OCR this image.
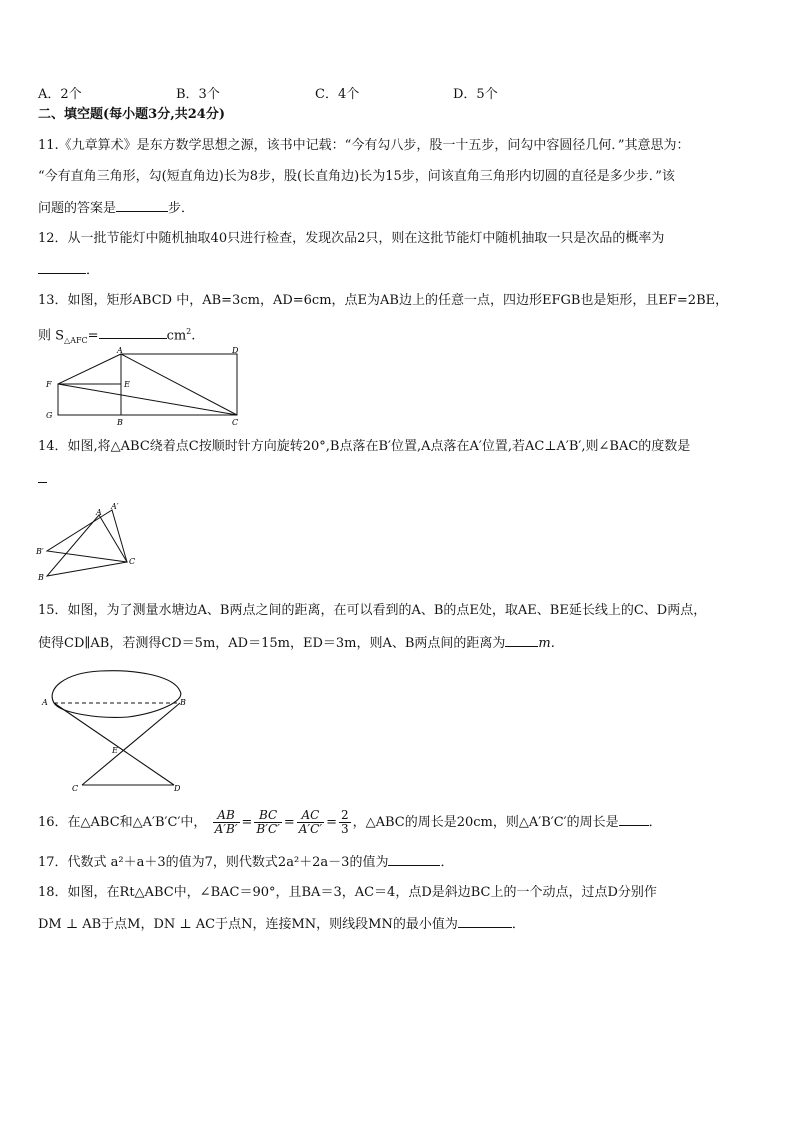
A．2个	B．3个	C．4个	D．5个
二、填空题(每小题3分,共24分)
11.《九章算术》是东方数学思想之源，该书中记载：“今有勾八步，股一十五步，问勾中容圆径几何．”其意思为：
“今有直角三角形，勾(短直角边)长为8步，股(长直角边)长为15步，问该直角三角形内切圆的直径是多少步．”该
问题的答案是	步．
12．从一批节能灯中随机抽取40只进行检查，发现次品2只，则在这批节能灯中随机抽取一只是次品的概率为
．
13．如图，矩形ABCD 中，AB=3cm，AD=6cm，点E为AB边上的任意一点，四边形EFGB也是矩形，且EF=2BE，
则 $S_{\triangle AFC}=$	$cm^2$.
A	D
F	E
G
B	C
14．如图,将△ABC绕着点C按顺时针方向旋转20°,B点落在B′位置,A点落在A′位置,若AC⊥A′B′,则∠BAC的度数是
A
A′
B′
C
B
15．如图，为了测量水塘边A、B两点之间的距离，在可以看到的A、B的点E处，取AE、BE延长线上的C、D两点，
使得CD∥AB，若测得CD＝5m，AD＝15m，ED＝3m，则A、B两点间的距离为	m.
A	B
E
C	D
16．在△ABC和△A′B′C′中， $\frac{AB}{A'B'} = \frac{BC}{B'C'} = \frac{AC}{A'C'} = \frac{2}{3}$ ，△ABC的周长是20cm，则△A′B′C′的周长是 ．
17．代数式 a²＋a＋3的值为7，则代数式2a²＋2a－3的值为	．
18．如图，在Rt△ABC中，∠BAC＝90°，且BA＝3，AC＝4，点D是斜边BC上的一个动点，过点D分别作
DM ⊥ AB于点M，DN ⊥ AC于点N，连接MN，则线段MN的最小值为	．
